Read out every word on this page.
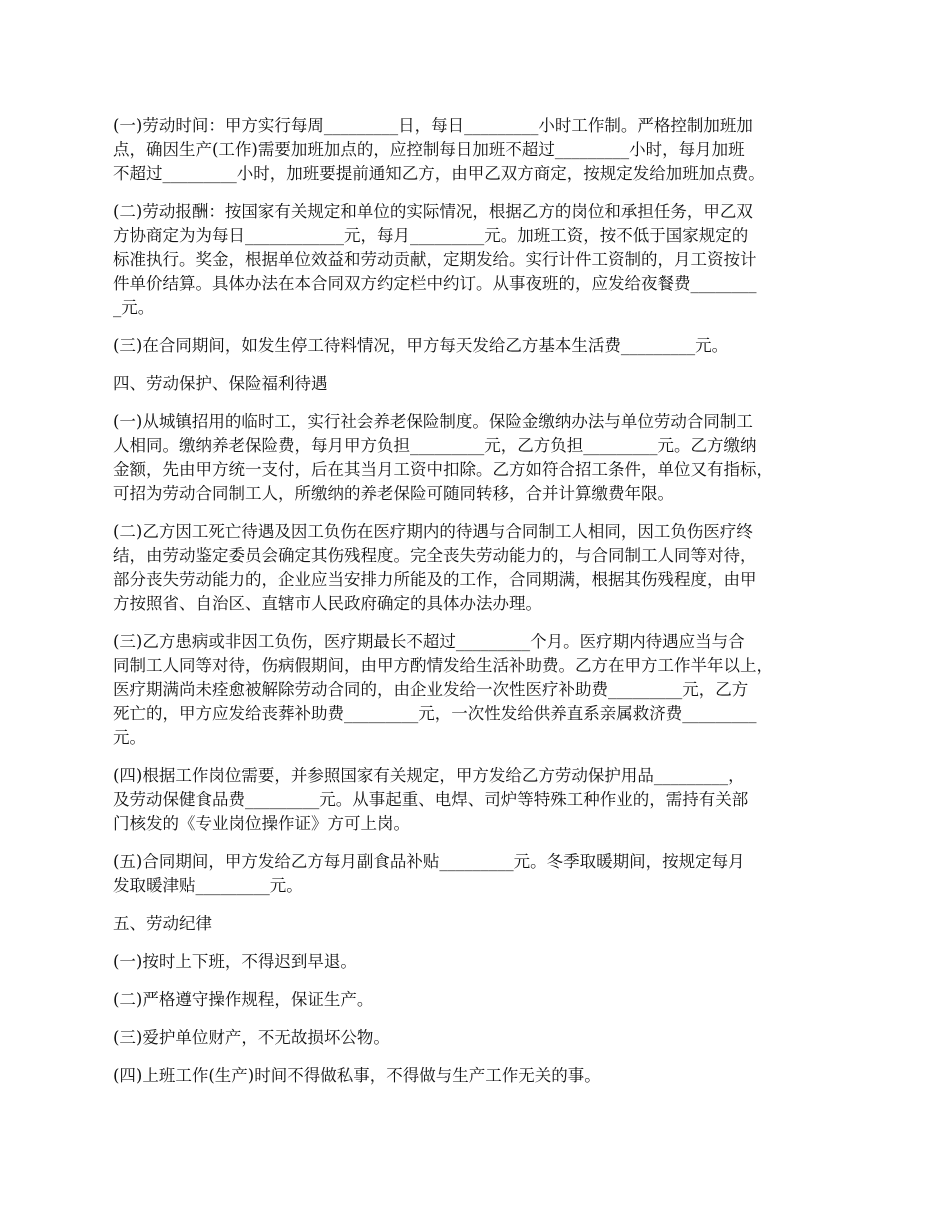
(一)劳动时间：甲方实行每周_________日，每日_________小时工作制。严格控制加班加

点，确因生产(工作)需要加班加点的，应控制每日加班不超过_________小时，每月加班

不超过_________小时，加班要提前通知乙方，由甲乙双方商定，按规定发给加班加点费。

(二)劳动报酬：按国家有关规定和单位的实际情况，根据乙方的岗位和承担任务，甲乙双

方协商定为为每日____________元，每月_________元。加班工资，按不低于国家规定的

标准执行。奖金，根据单位效益和劳动贡献，定期发给。实行计件工资制的，月工资按计

件单价结算。具体办法在本合同双方约定栏中约订。从事夜班的，应发给夜餐费________

_元。

(三)在合同期间，如发生停工待料情况，甲方每天发给乙方基本生活费_________元。

四、劳动保护、保险福利待遇

(一)从城镇招用的临时工，实行社会养老保险制度。保险金缴纳办法与单位劳动合同制工

人相同。缴纳养老保险费，每月甲方负担_________元，乙方负担_________元。乙方缴纳

金额，先由甲方统一支付，后在其当月工资中扣除。乙方如符合招工条件，单位又有指标，

可招为劳动合同制工人，所缴纳的养老保险可随同转移，合并计算缴费年限。

(二)乙方因工死亡待遇及因工负伤在医疗期内的待遇与合同制工人相同，因工负伤医疗终

结，由劳动鉴定委员会确定其伤残程度。完全丧失劳动能力的，与合同制工人同等对待，

部分丧失劳动能力的，企业应当安排力所能及的工作，合同期满，根据其伤残程度，由甲

方按照省、自治区、直辖市人民政府确定的具体办法办理。

(三)乙方患病或非因工负伤，医疗期最长不超过_________个月。医疗期内待遇应当与合

同制工人同等对待，伤病假期间，由甲方酌情发给生活补助费。乙方在甲方工作半年以上，

医疗期满尚未痊愈被解除劳动合同的，由企业发给一次性医疗补助费_________元，乙方

死亡的，甲方应发给丧葬补助费_________元，一次性发给供养直系亲属救济费_________

元。

(四)根据工作岗位需要，并参照国家有关规定，甲方发给乙方劳动保护用品_________，

及劳动保健食品费_________元。从事起重、电焊、司炉等特殊工种作业的，需持有关部

门核发的《专业岗位操作证》方可上岗。

(五)合同期间，甲方发给乙方每月副食品补贴_________元。冬季取暖期间，按规定每月

发取暖津贴_________元。

五、劳动纪律

(一)按时上下班，不得迟到早退。

(二)严格遵守操作规程，保证生产。

(三)爱护单位财产，不无故损坏公物。

(四)上班工作(生产)时间不得做私事，不得做与生产工作无关的事。
